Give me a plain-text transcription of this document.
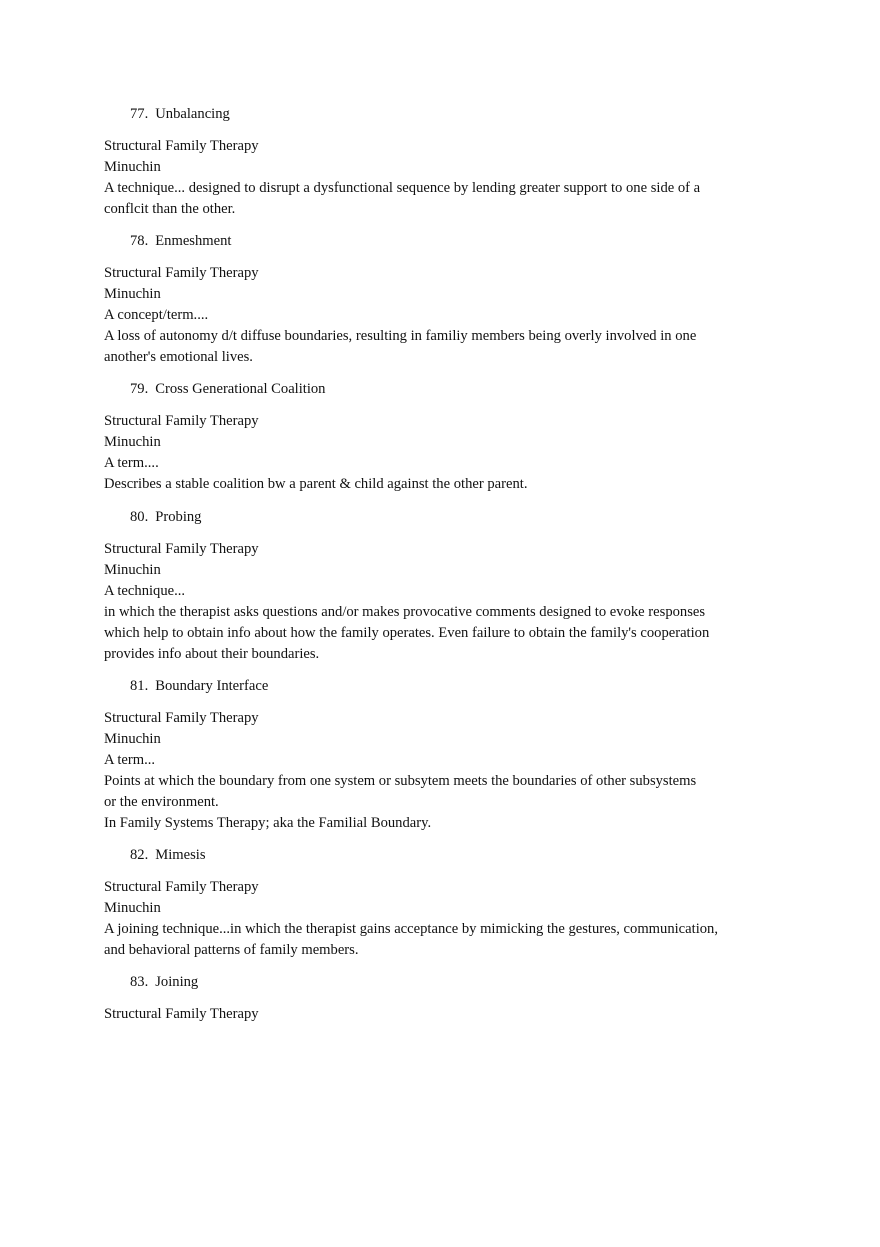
77. Unbalancing
Structural Family Therapy
Minuchin
A technique... designed to disrupt a dysfunctional sequence by lending greater support to one side of a
conflcit than the other.
78. Enmeshment
Structural Family Therapy
Minuchin
A concept/term....
A loss of autonomy d/t diffuse boundaries, resulting in familiy members being overly involved in one
another's emotional lives.
79. Cross Generational Coalition
Structural Family Therapy
Minuchin
A term....
Describes a stable coalition bw a parent & child against the other parent.
80. Probing
Structural Family Therapy
Minuchin
A technique...
in which the therapist asks questions and/or makes provocative comments designed to evoke responses
which help to obtain info about how the family operates. Even failure to obtain the family's cooperation
provides info about their boundaries.
81. Boundary Interface
Structural Family Therapy
Minuchin
A term...
Points at which the boundary from one system or subsytem meets the boundaries of other subsystems
or the environment.
In Family Systems Therapy; aka the Familial Boundary.
82. Mimesis
Structural Family Therapy
Minuchin
A joining technique...in which the therapist gains acceptance by mimicking the gestures, communication,
and behavioral patterns of family members.
83. Joining
Structural Family Therapy
